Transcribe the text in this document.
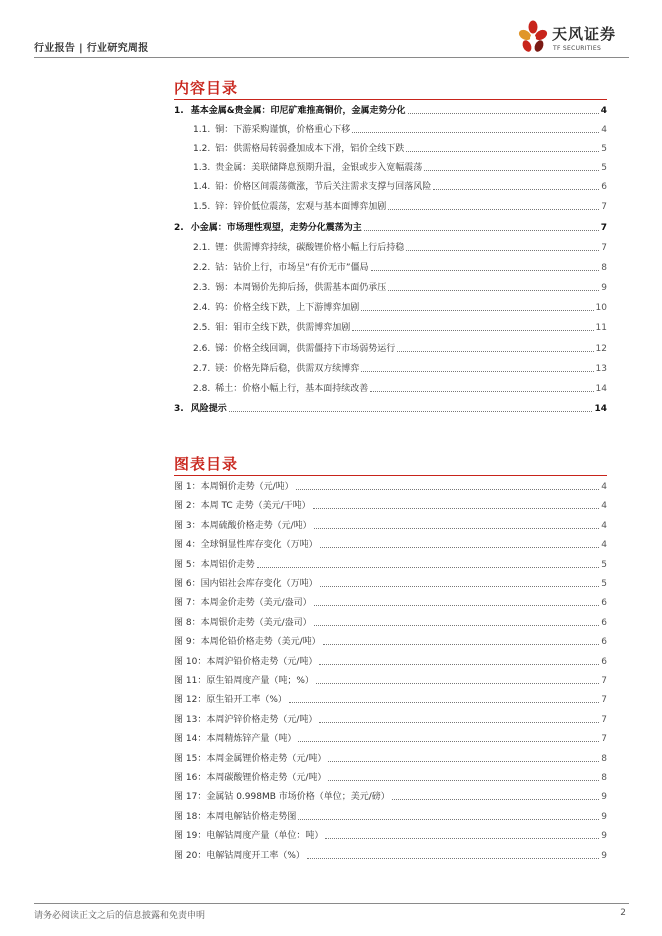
行业报告 | 行业研究周报
天风证券
TF SECURITIES
内容目录
1. 基本金属&贵金属：印尼矿难推高铜价，金属走势分化	4
1.1. 铜：下游采购谨慎，价格重心下移	4
1.2. 铝：供需格局转弱叠加成本下滑，铝价全线下跌	5
1.3. 贵金属：美联储降息预期升温，金银或步入宽幅震荡	5
1.4. 铅：价格区间震荡微涨，节后关注需求支撑与回落风险	6
1.5. 锌：锌价低位震荡，宏观与基本面博弈加剧	7
2. 小金属：市场理性观望，走势分化震荡为主	7
2.1. 锂：供需博弈持续，碳酸锂价格小幅上行后持稳	7
2.2. 钴：钴价上行，市场呈“有价无市”僵局	8
2.3. 锡：本周锡价先抑后扬，供需基本面仍承压	9
2.4. 钨：价格全线下跌，上下游博弈加剧	10
2.5. 钼：钼市全线下跌，供需博弈加剧	11
2.6. 锑：价格全线回调，供需僵持下市场弱势运行	12
2.7. 镁：价格先降后稳，供需双方续博弈	13
2.8. 稀土：价格小幅上行，基本面持续改善	14
3. 风险提示	14
图表目录
图 1： 本周铜价走势（元/吨）	4
图 2： 本周 TC 走势（美元/干吨）	4
图 3： 本周硫酸价格走势（元/吨）	4
图 4： 全球铜显性库存变化（万吨）	4
图 5： 本周铝价走势	5
图 6： 国内铝社会库存变化（万吨）	5
图 7： 本周金价走势（美元/盎司）	6
图 8： 本周银价走势（美元/盎司）	6
图 9： 本周伦铅价格走势（美元/吨）	6
图 10： 本周沪铅价格走势（元/吨）	6
图 11： 原生铅周度产量（吨；%）	7
图 12： 原生铅开工率（%）	7
图 13： 本周沪锌价格走势（元/吨）	7
图 14： 本周精炼锌产量（吨）	7
图 15： 本周金属锂价格走势（元/吨）	8
图 16： 本周碳酸锂价格走势（元/吨）	8
图 17： 金属钴 0.998MB 市场价格（单位；美元/磅）	9
图 18： 本周电解钴价格走势图	9
图 19： 电解钴周度产量（单位：吨）	9
图 20： 电解钴周度开工率（%）	9
请务必阅读正文之后的信息披露和免责申明	2
